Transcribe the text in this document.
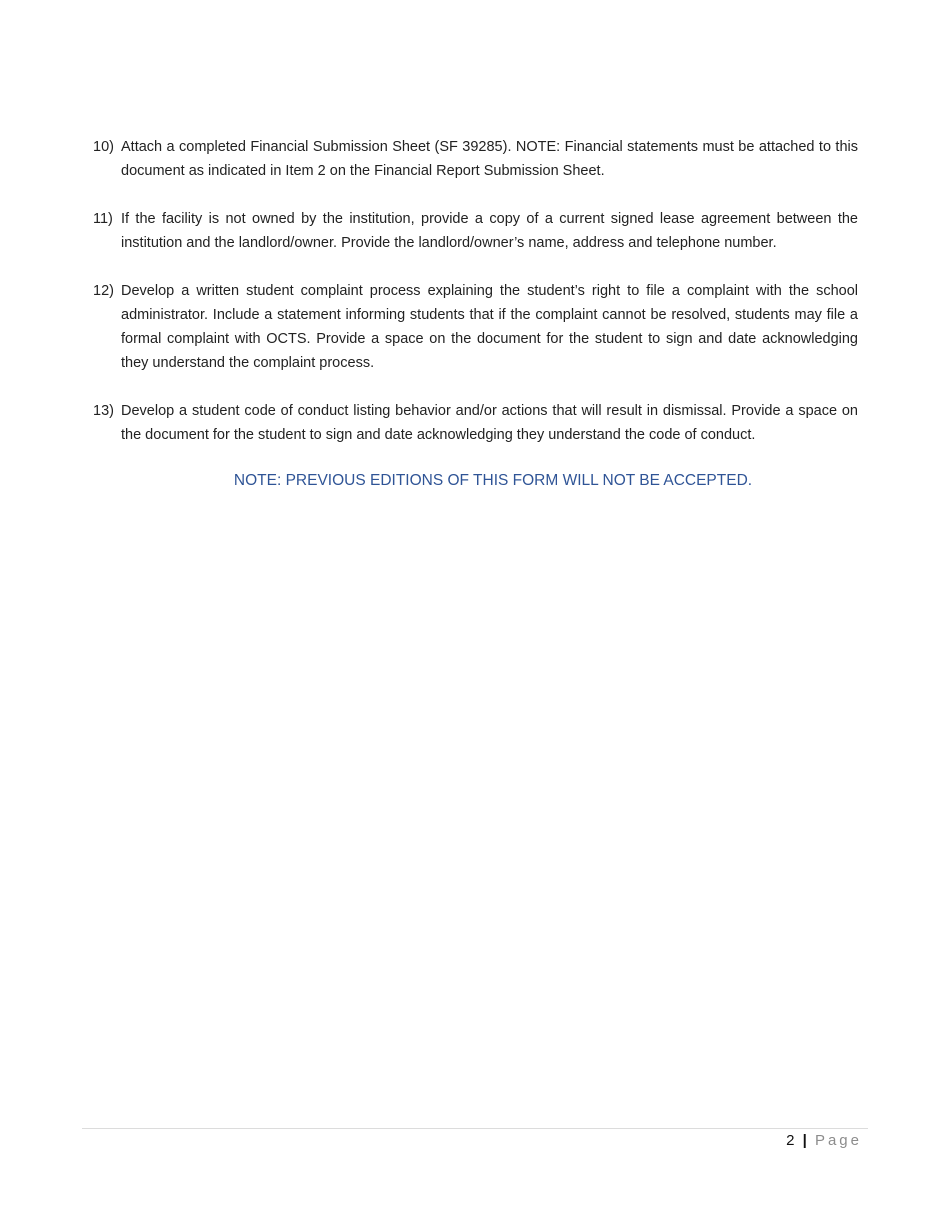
10) Attach a completed Financial Submission Sheet (SF 39285). NOTE: Financial statements must be attached to this document as indicated in Item 2 on the Financial Report Submission Sheet.
11) If the facility is not owned by the institution, provide a copy of a current signed lease agreement between the institution and the landlord/owner. Provide the landlord/owner’s name, address and telephone number.
12) Develop a written student complaint process explaining the student’s right to file a complaint with the school administrator. Include a statement informing students that if the complaint cannot be resolved, students may file a formal complaint with OCTS. Provide a space on the document for the student to sign and date acknowledging they understand the complaint process.
13) Develop a student code of conduct listing behavior and/or actions that will result in dismissal. Provide a space on the document for the student to sign and date acknowledging they understand the code of conduct.
NOTE: PREVIOUS EDITIONS OF THIS FORM WILL NOT BE ACCEPTED.
2 | Page
